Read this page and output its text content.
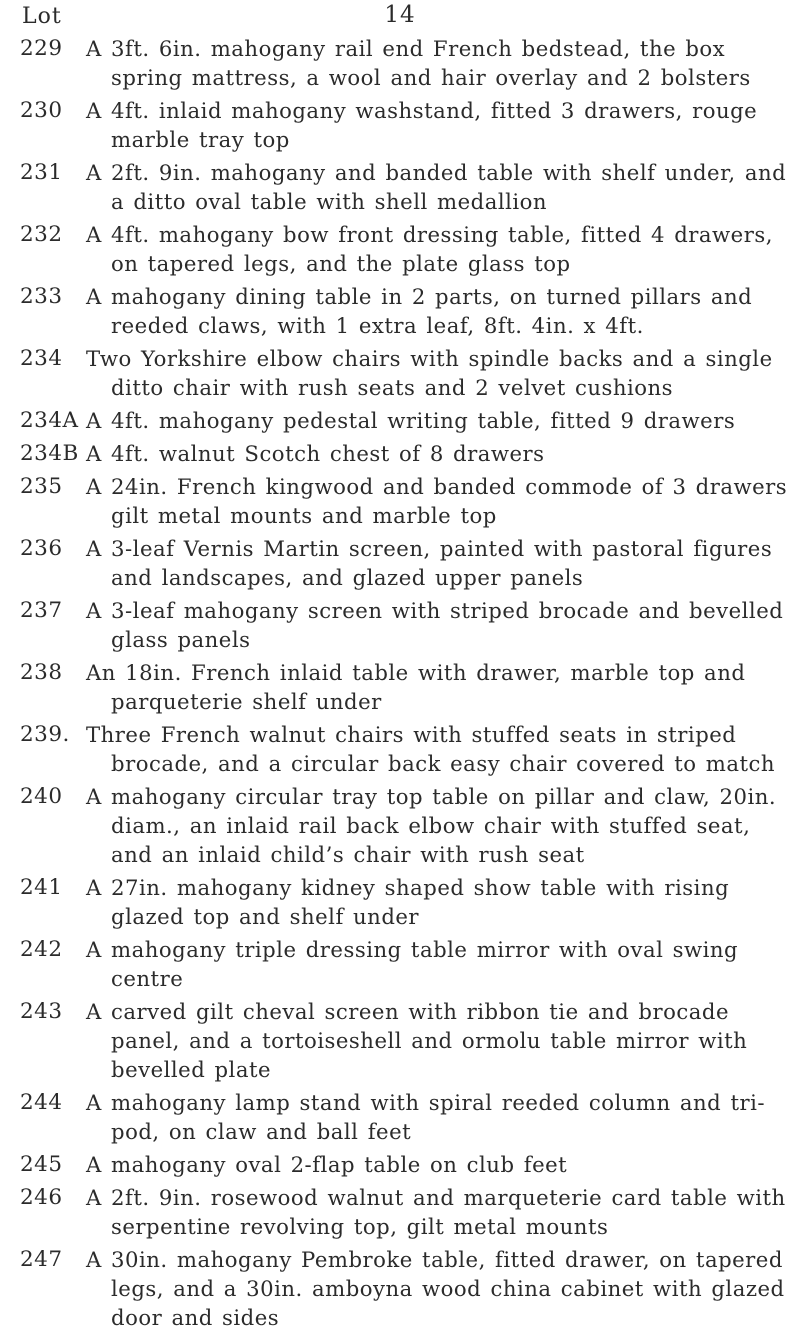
14
Lot
229	A 3ft. 6in. mahogany rail end French bedstead, the box spring mattress, a wool and hair overlay and 2 bolsters
230	A 4ft. inlaid mahogany washstand, fitted 3 drawers, rouge marble tray top
231	A 2ft. 9in. mahogany and banded table with shelf under, and a ditto oval table with shell medallion
232	A 4ft. mahogany bow front dressing table, fitted 4 drawers, on tapered legs, and the plate glass top
233	A mahogany dining table in 2 parts, on turned pillars and reeded claws, with 1 extra leaf, 8ft. 4in. x 4ft.
234	Two Yorkshire elbow chairs with spindle backs and a single ditto chair with rush seats and 2 velvet cushions
234A A 4ft. mahogany pedestal writing table, fitted 9 drawers
234B A 4ft. walnut Scotch chest of 8 drawers
235	A 24in. French kingwood and banded commode of 3 drawers gilt metal mounts and marble top
236	A 3-leaf Vernis Martin screen, painted with pastoral figures and landscapes, and glazed upper panels
237	A 3-leaf mahogany screen with striped brocade and bevelled glass panels
238	An 18in. French inlaid table with drawer, marble top and parqueterie shelf under
239. Three French walnut chairs with stuffed seats in striped brocade, and a circular back easy chair covered to match
240	A mahogany circular tray top table on pillar and claw, 20in. diam., an inlaid rail back elbow chair with stuffed seat, and an inlaid child’s chair with rush seat
241	A 27in. mahogany kidney shaped show table with rising glazed top and shelf under
242	A mahogany triple dressing table mirror with oval swing centre
243	A carved gilt cheval screen with ribbon tie and brocade panel, and a tortoiseshell and ormolu table mirror with bevelled plate
244	A mahogany lamp stand with spiral reeded column and tri-pod, on claw and ball feet
245	A mahogany oval 2-flap table on club feet
246	A 2ft. 9in. rosewood walnut and marqueterie card table with serpentine revolving top, gilt metal mounts
247	A 30in. mahogany Pembroke table, fitted drawer, on tapered legs, and a 30in. amboyna wood china cabinet with glazed door and sides
